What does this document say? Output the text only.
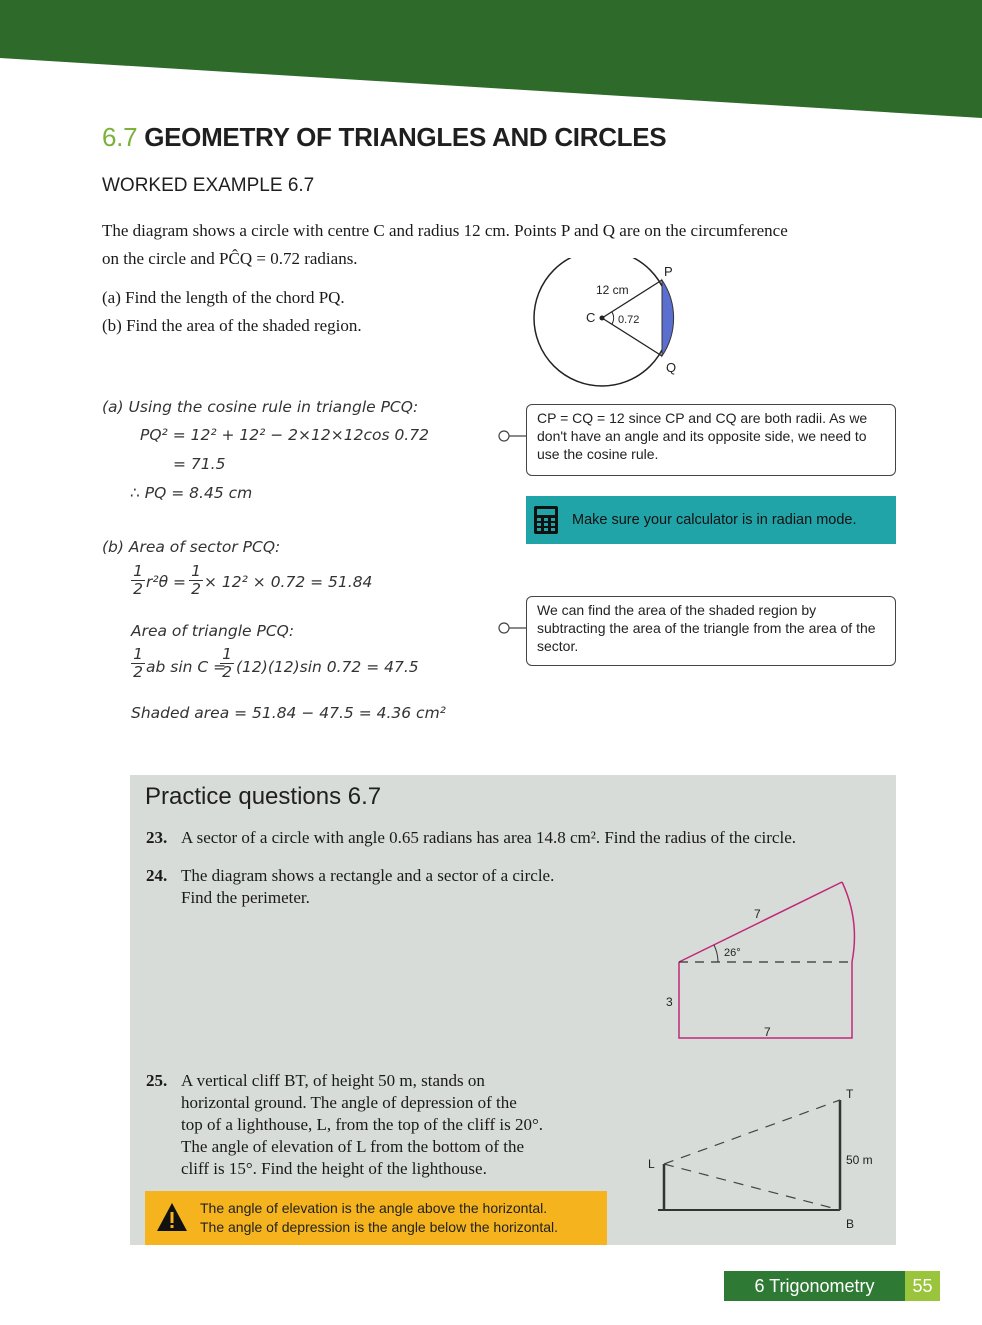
6.7 GEOMETRY OF TRIANGLES AND CIRCLES
WORKED EXAMPLE 6.7
The diagram shows a circle with centre C and radius 12 cm. Points P and Q are on the circumference
on the circle and PĈQ = 0.72 radians.
(a) Find the length of the chord PQ.
(b) Find the area of the shaded region.
P
Q
C
12 cm
0.72
(a) Using the cosine rule in triangle PCQ:
PQ² = 12² + 12² − 2×12×12cos 0.72
= 71.5
∴ PQ = 8.45 cm
(b) Area of sector PCQ:
1
2 r²θ =
1
2 × 12² × 0.72 = 51.84
Area of triangle PCQ:
1
2 ab sin C =
1
2 (12)(12)sin 0.72 = 47.5
Shaded area = 51.84 − 47.5 = 4.36 cm²
CP = CQ = 12 since CP and CQ are both radii. As we don't have an angle and its opposite side, we need to use the cosine rule.
Make sure your calculator is in radian mode.
We can find the area of the shaded region by subtracting the area of the triangle from the area of the sector.
Practice questions 6.7
23. A sector of a circle with angle 0.65 radians has area 14.8 cm². Find the radius of the circle.
24. The diagram shows a rectangle and a sector of a circle.
Find the perimeter.
7
26°
3
7
25. A vertical cliff BT, of height 50 m, stands on
horizontal ground. The angle of depression of the
top of a lighthouse, L, from the top of the cliff is 20°.
The angle of elevation of L from the bottom of the
cliff is 15°. Find the height of the lighthouse.
T
B
L	50 m
The angle of elevation is the angle above the horizontal.
The angle of depression is the angle below the horizontal.
6 Trigonometry	55
